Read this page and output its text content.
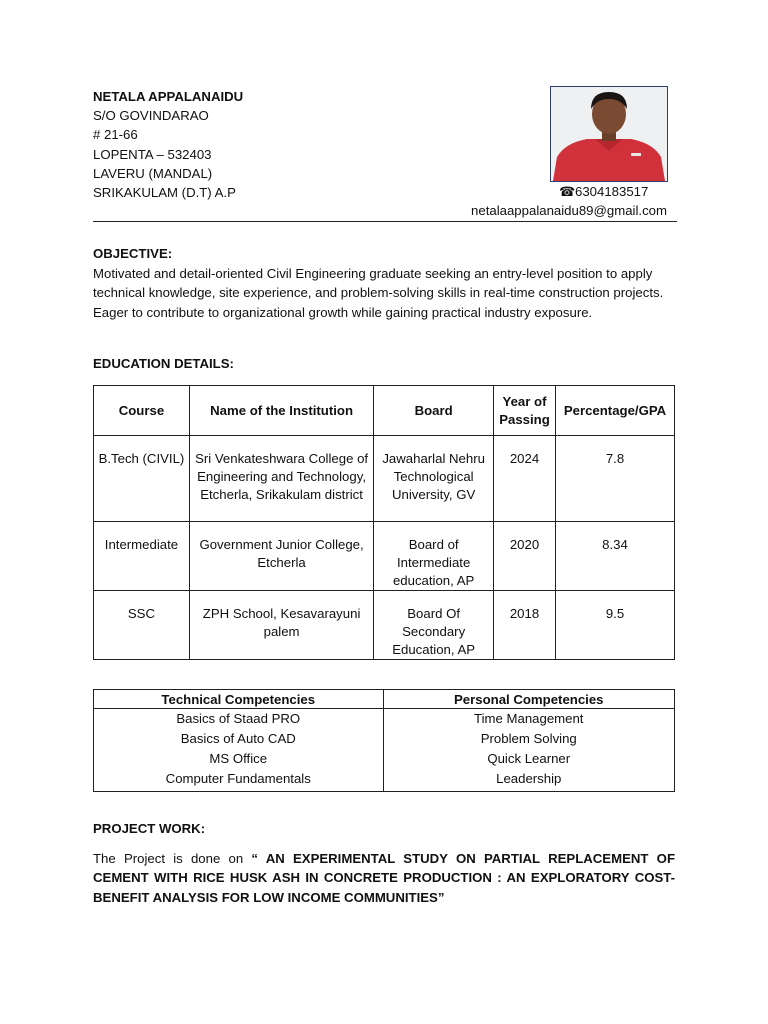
NETALA APPALANAIDU
S/O GOVINDARAO
# 21-66
LOPENTA – 532403
LAVERU (MANDAL)
SRIKAKULAM (D.T) A.P	☎6304183517
netalaappalanaidu89@gmail.com
OBJECTIVE:
Motivated and detail-oriented Civil Engineering graduate seeking an entry-level position to apply technical knowledge, site experience, and problem-solving skills in real-time construction projects. Eager to contribute to organizational growth while gaining practical industry exposure.
EDUCATION DETAILS:
Course	Name of the Institution	Board	Year of Passing	Percentage/GPA
B.Tech (CIVIL)	Sri Venkateshwara College of Engineering and Technology, Etcherla, Srikakulam district	Jawaharlal Nehru Technological University, GV	2024	7.8
Intermediate	Government Junior College, Etcherla	Board of Intermediate education, AP	2020	8.34
SSC	ZPH School, Kesavarayuni palem	Board Of Secondary Education, AP	2018	9.5
Technical Competencies	Personal Competencies
Basics of Staad PRO	Time Management
Basics of Auto CAD	Problem Solving
MS Office	Quick Learner
Computer Fundamentals	Leadership
PROJECT WORK:
The Project is done on “ AN EXPERIMENTAL STUDY ON PARTIAL REPLACEMENT OF CEMENT WITH RICE HUSK ASH IN CONCRETE PRODUCTION : AN EXPLORATORY COST- BENEFIT ANALYSIS FOR LOW INCOME COMMUNITIES”
